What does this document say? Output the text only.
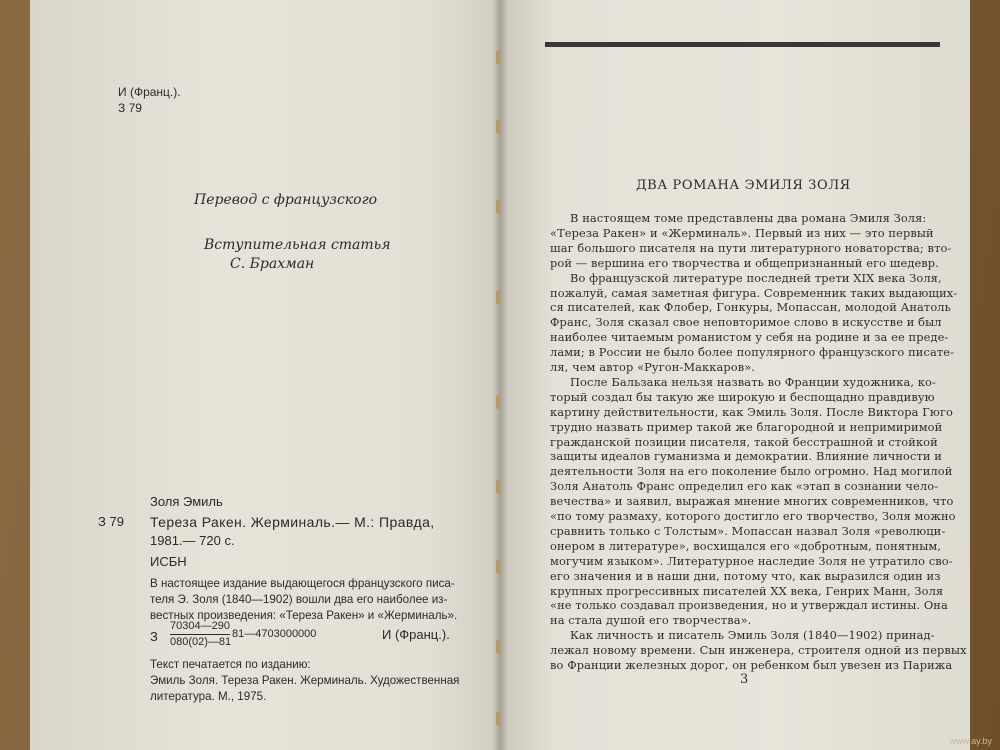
И (Франц.).
З 79
Перевод с французского
Вступительная статья
С. Брахман
Золя Эмиль
З 79 Тереза Ракен. Жерминаль.— М.: Правда,
1981.— 720 с.
ИСБН
В настоящее издание выдающегося французского писа-
теля Э. Золя (1840—1902) вошли два его наиболее из-
вестных произведения: «Тереза Ракен» и «Жерминаль».
З
70304—290
080(02)—81
81—4703000000	И (Франц.).
Текст печатается по изданию:
Эмиль Золя. Тереза Ракен. Жерминаль. Художественная
литература. М., 1975.
ДВА РОМАНА ЭМИЛЯ ЗОЛЯ
В настоящем томе представлены два романа Эмиля Золя:
«Тереза Ракен» и «Жерминаль». Первый из них — это первый
шаг большого писателя на пути литературного новаторства; вто-
рой — вершина его творчества и общепризнанный его шедевр.
Во французской литературе последней трети XIX века Золя,
пожалуй, самая заметная фигура. Современник таких выдающих-
ся писателей, как Флобер, Гонкуры, Мопассан, молодой Анатоль
Франс, Золя сказал свое неповторимое слово в искусстве и был
наиболее читаемым романистом у себя на родине и за ее преде-
лами; в России не было более популярного французского писате-
ля, чем автор «Ругон-Маккаров».
После Бальзака нельзя назвать во Франции художника, ко-
торый создал бы такую же широкую и беспощадно правдивую
картину действительности, как Эмиль Золя. После Виктора Гюго
трудно назвать пример такой же благородной и непримиримой
гражданской позиции писателя, такой бесстрашной и стойкой
защиты идеалов гуманизма и демократии. Влияние личности и
деятельности Золя на его поколение было огромно. Над могилой
Золя Анатоль Франс определил его как «этап в сознании чело-
вечества» и заявил, выражая мнение многих современников, что
«по тому размаху, которого достигло его творчество, Золя можно
сравнить только с Толстым». Мопассан назвал Золя «революци-
онером в литературе», восхищался его «добротным, понятным,
могучим языком». Литературное наследие Золя не утратило сво-
его значения и в наши дни, потому что, как выразился один из
крупных прогрессивных писателей XX века, Генрих Манн, Золя
«не только создавал произведения, но и утверждал истины. Она
на стала душой его творчества».
Как личность и писатель Эмиль Золя (1840—1902) принад-
лежал новому времени. Сын инженера, строителя одной из первых
во Франции железных дорог, он ребенком был увезен из Парижа
3
www.ay.by
